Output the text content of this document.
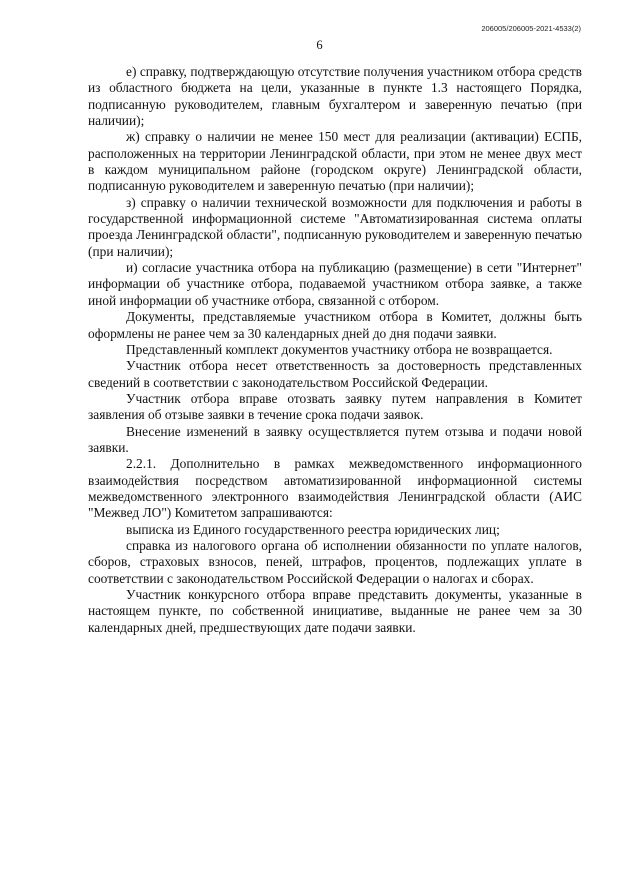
206005/206005-2021-4533(2)
6

е) справку, подтверждающую отсутствие получения участником отбора средств из областного бюджета на цели, указанные в пункте 1.3 настоящего Порядка, подписанную руководителем, главным бухгалтером и заверенную печатью (при наличии);

ж) справку о наличии не менее 150 мест для реализации (активации) ЕСПБ, расположенных на территории Ленинградской области, при этом не менее двух мест в каждом муниципальном районе (городском округе) Ленинградской области, подписанную руководителем и заверенную печатью (при наличии);

з) справку о наличии технической возможности для подключения и работы в государственной информационной системе "Автоматизированная система оплаты проезда Ленинградской области", подписанную руководителем и заверенную печатью (при наличии);

и) согласие участника отбора на публикацию (размещение) в сети "Интернет" информации об участнике отбора, подаваемой участником отбора заявке, а также иной информации об участнике отбора, связанной с отбором.

Документы, представляемые участником отбора в Комитет, должны быть оформлены не ранее чем за 30 календарных дней до дня подачи заявки.

Представленный комплект документов участнику отбора не возвращается.

Участник отбора несет ответственность за достоверность представленных сведений в соответствии с законодательством Российской Федерации.

Участник отбора вправе отозвать заявку путем направления в Комитет заявления об отзыве заявки в течение срока подачи заявок.

Внесение изменений в заявку осуществляется путем отзыва и подачи новой заявки.

2.2.1. Дополнительно в рамках межведомственного информационного взаимодействия посредством автоматизированной информационной системы межведомственного электронного взаимодействия Ленинградской области (АИС "Межвед ЛО") Комитетом запрашиваются:

выписка из Единого государственного реестра юридических лиц;

справка из налогового органа об исполнении обязанности по уплате налогов, сборов, страховых взносов, пеней, штрафов, процентов, подлежащих уплате в соответствии с законодательством Российской Федерации о налогах и сборах.

Участник конкурсного отбора вправе представить документы, указанные в настоящем пункте, по собственной инициативе, выданные не ранее чем за 30 календарных дней, предшествующих дате подачи заявки.
